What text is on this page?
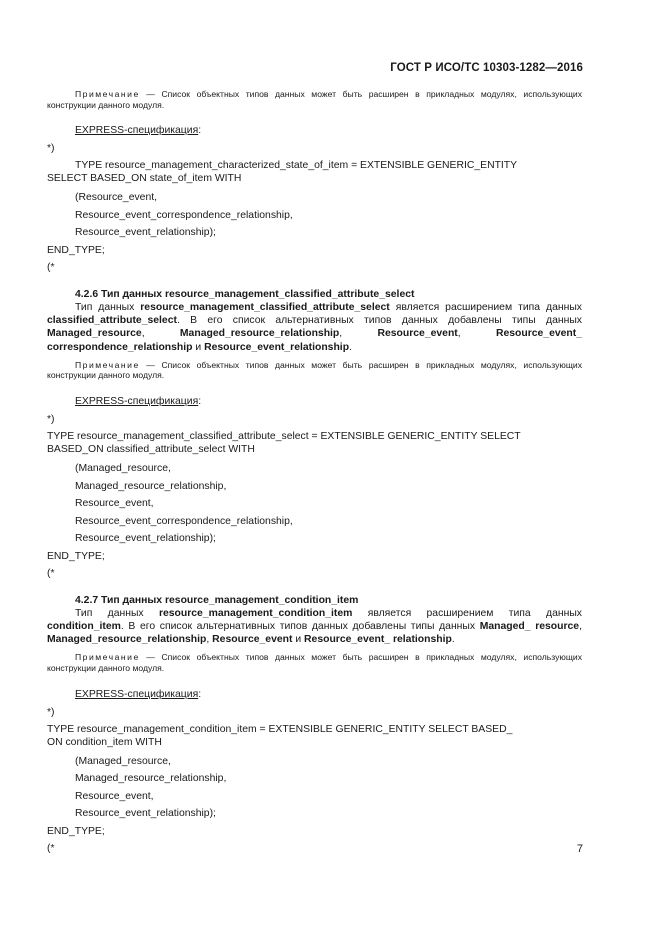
ГОСТ Р ИСО/ТС 10303-1282—2016

Примечание — Список объектных типов данных может быть расширен в прикладных модулях, использующих конструкции данного модуля.

EXPRESS-спецификация:

*)

TYPE resource_management_characterized_state_of_item = EXTENSIBLE GENERIC_ENTITY

SELECT BASED_ON state_of_item WITH

(Resource_event,

Resource_event_correspondence_relationship,

Resource_event_relationship);

END_TYPE;

(*

4.2.6 Тип данных resource_management_classified_attribute_select

Тип данных resource_management_classified_attribute_select является расширением типа данных classified_attribute_select. В его список альтернативных типов данных добавлены типы данных Managed_resource, Managed_resource_relationship, Resource_event, Resource_event_ correspondence_relationship и Resource_event_relationship.

Примечание — Список объектных типов данных может быть расширен в прикладных модулях, использующих конструкции данного модуля.

EXPRESS-спецификация:

*)

TYPE resource_management_classified_attribute_select = EXTENSIBLE GENERIC_ENTITY SELECT

BASED_ON classified_attribute_select WITH

(Managed_resource,

Managed_resource_relationship,

Resource_event,

Resource_event_correspondence_relationship,

Resource_event_relationship);

END_TYPE;

(*

4.2.7 Тип данных resource_management_condition_item

Тип данных resource_management_condition_item является расширением типа данных condition_item. В его список альтернативных типов данных добавлены типы данных Managed_ resource, Managed_resource_relationship, Resource_event и Resource_event_ relationship.

Примечание — Список объектных типов данных может быть расширен в прикладных модулях, использующих конструкции данного модуля.

EXPRESS-спецификация:

*)

TYPE resource_management_condition_item = EXTENSIBLE GENERIC_ENTITY SELECT BASED_

ON condition_item WITH

(Managed_resource,

Managed_resource_relationship,

Resource_event,

Resource_event_relationship);

END_TYPE;

(*	7
